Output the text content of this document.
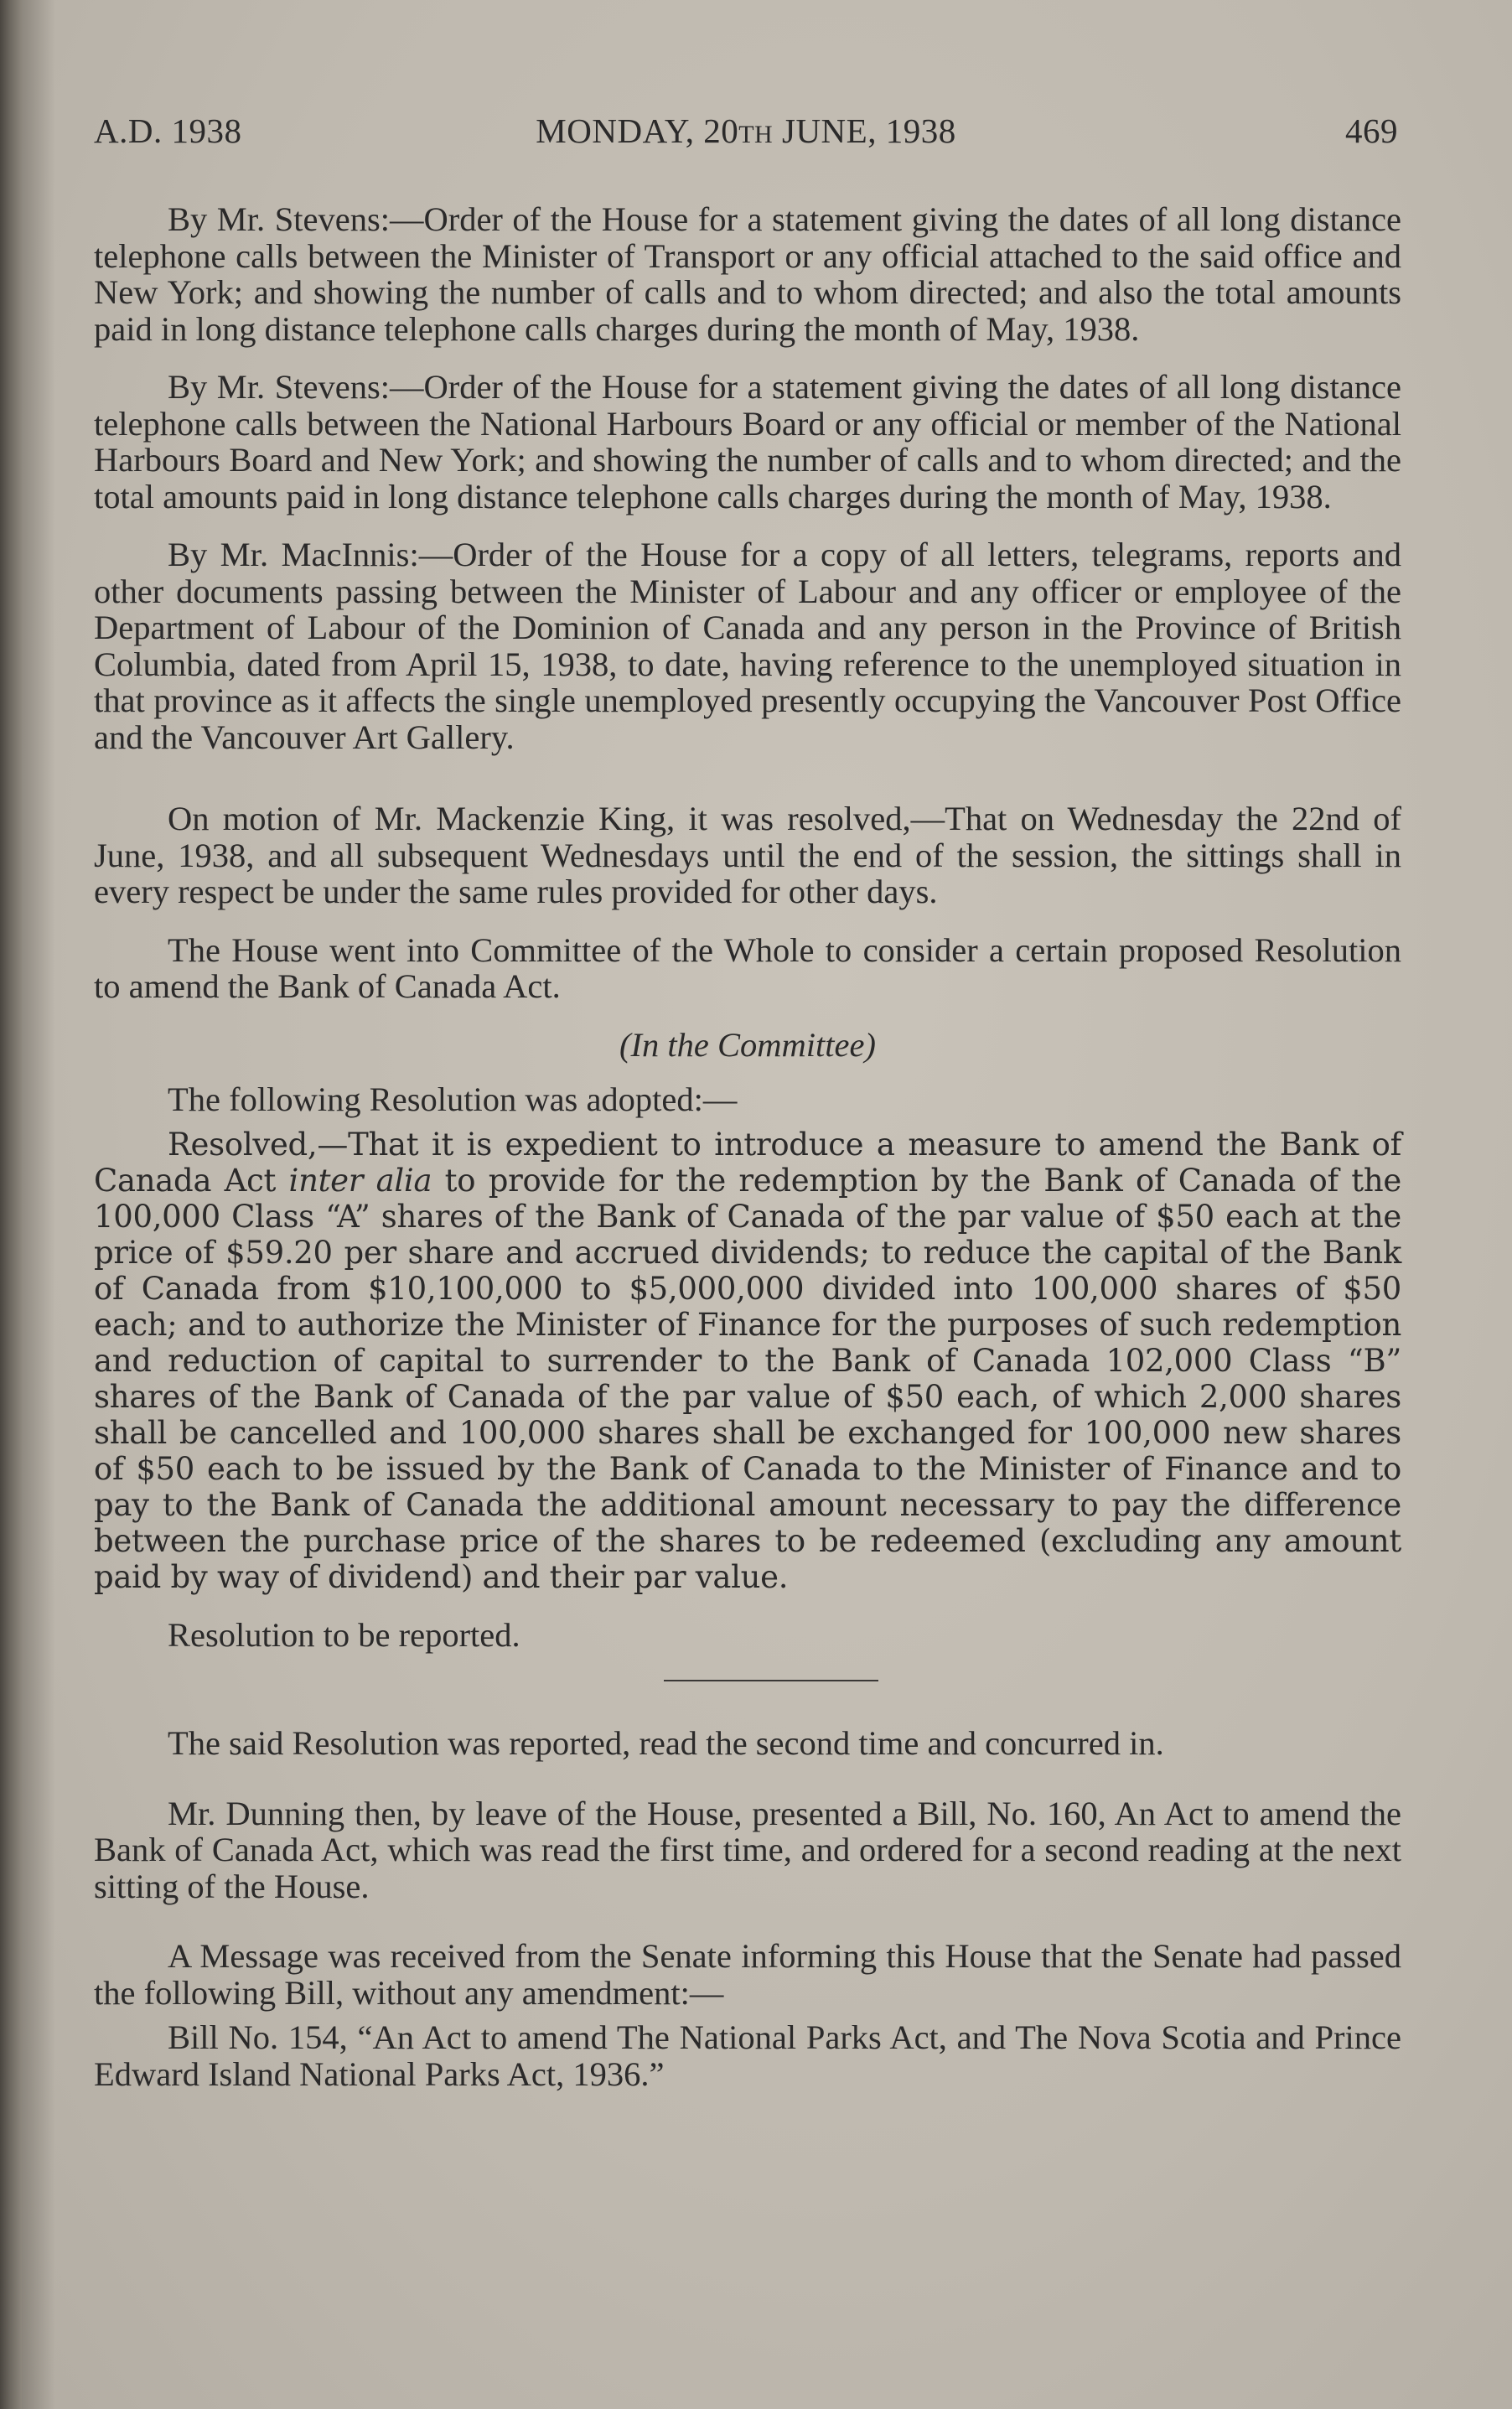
A.D. 1938	MONDAY, 20TH JUNE, 1938	469

By Mr. Stevens:—Order of the House for a statement giving the dates of all long distance telephone calls between the Minister of Transport or any official attached to the said office and New York; and showing the number of calls and to whom directed; and also the total amounts paid in long distance telephone calls charges during the month of May, 1938.

By Mr. Stevens:—Order of the House for a statement giving the dates of all long distance telephone calls between the National Harbours Board or any official or member of the National Harbours Board and New York; and showing the number of calls and to whom directed; and the total amounts paid in long distance telephone calls charges during the month of May, 1938.

By Mr. MacInnis:—Order of the House for a copy of all letters, telegrams, reports and other documents passing between the Minister of Labour and any officer or employee of the Department of Labour of the Dominion of Canada and any person in the Province of British Columbia, dated from April 15, 1938, to date, having reference to the unemployed situation in that province as it affects the single unemployed presently occupying the Vancouver Post Office and the Vancouver Art Gallery.

On motion of Mr. Mackenzie King, it was resolved,—That on Wednesday the 22nd of June, 1938, and all subsequent Wednesdays until the end of the session, the sittings shall in every respect be under the same rules provided for other days.

The House went into Committee of the Whole to consider a certain proposed Resolution to amend the Bank of Canada Act.

(In the Committee)

The following Resolution was adopted:—

Resolved,—That it is expedient to introduce a measure to amend the Bank of Canada Act inter alia to provide for the redemption by the Bank of Canada of the 100,000 Class “A” shares of the Bank of Canada of the par value of $50 each at the price of $59.20 per share and accrued dividends; to reduce the capital of the Bank of Canada from $10,100,000 to $5,000,000 divided into 100,000 shares of $50 each; and to authorize the Minister of Finance for the purposes of such redemption and reduction of capital to surrender to the Bank of Canada 102,000 Class “B” shares of the Bank of Canada of the par value of $50 each, of which 2,000 shares shall be cancelled and 100,000 shares shall be exchanged for 100,000 new shares of $50 each to be issued by the Bank of Canada to the Minister of Finance and to pay to the Bank of Canada the additional amount necessary to pay the difference between the purchase price of the shares to be redeemed (excluding any amount paid by way of dividend) and their par value.

Resolution to be reported.

The said Resolution was reported, read the second time and concurred in.

Mr. Dunning then, by leave of the House, presented a Bill, No. 160, An Act to amend the Bank of Canada Act, which was read the first time, and ordered for a second reading at the next sitting of the House.

A Message was received from the Senate informing this House that the Senate had passed the following Bill, without any amendment:—

Bill No. 154, “An Act to amend The National Parks Act, and The Nova Scotia and Prince Edward Island National Parks Act, 1936.”
